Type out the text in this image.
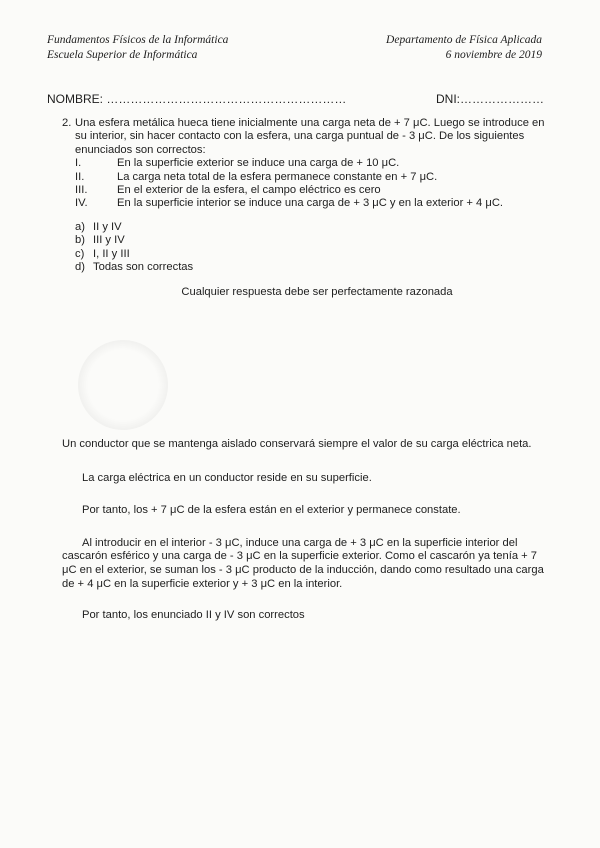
Fundamentos Físicos de la Informática
Escuela Superior de Informática
Departamento de Física Aplicada
6 noviembre de 2019
NOMBRE: ……………………………………………………	DNI:…………………
2. Una esfera metálica hueca tiene inicialmente una carga neta de + 7 μC. Luego se introduce en su interior, sin hacer contacto con la esfera, una carga puntual de - 3 μC. De los siguientes enunciados son correctos:
I.	En la superficie exterior se induce una carga de + 10 μC.
II.	La carga neta total de la esfera permanece constante en + 7 μC.
III.	En el exterior de la esfera, el campo eléctrico es cero
IV.	En la superficie interior se induce una carga de + 3 μC y en la exterior + 4 μC.
a) II y IV
b) III y IV
c) I, II y III
d) Todas son correctas
Cualquier respuesta debe ser perfectamente razonada

Un conductor que se mantenga aislado conservará siempre el valor de su carga eléctrica neta.

La carga eléctrica en un conductor reside en su superficie.

Por tanto, los + 7 μC de la esfera están en el exterior y permanece constate.

Al introducir en el interior - 3 μC, induce una carga de + 3 μC en la superficie interior del cascarón esférico y una carga de - 3 μC en la superficie exterior. Como el cascarón ya tenía + 7 μC en el exterior, se suman los - 3 μC producto de la inducción, dando como resultado una carga de + 4 μC en la superficie exterior y + 3 μC en la interior.

Por tanto, los enunciado II y IV son correctos
